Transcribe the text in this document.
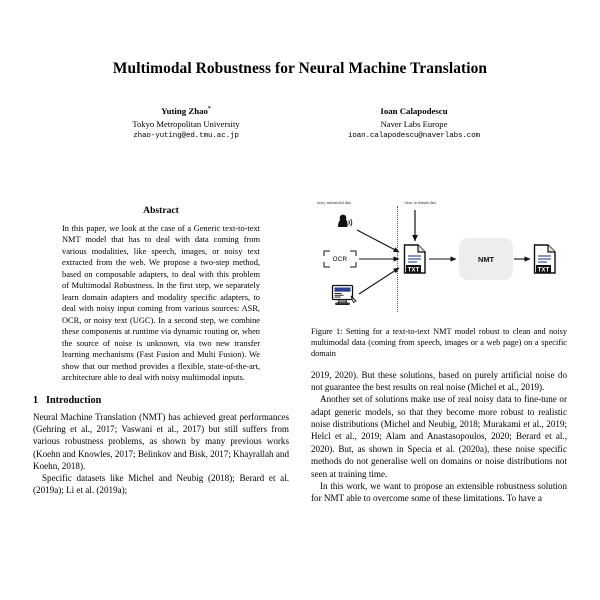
Multimodal Robustness for Neural Machine Translation
Yuting Zhao*
Tokyo Metropolitan University
zhao-yuting@ed.tmu.ac.jp
Ioan Calapodescu
Naver Labs Europe
ioan.calapodescu@naverlabs.com
Abstract
In this paper, we look at the case of a Generic text-to-text NMT model that has to deal with data coming from various modalities, like speech, images, or noisy text extracted from the web. We propose a two-step method, based on composable adapters, to deal with this problem of Multimodal Robustness. In the first step, we separately learn domain adapters and modality specific adapters, to deal with noisy input coming from various sources: ASR, OCR, or noisy text (UGC). In a second step, we combine these components at runtime via dynamic routing or, when the source of noise is unknown, via two new transfer learning mechanisms (Fast Fusion and Multi Fusion). We show that our method provides a flexible, state-of-the-art, architecture able to deal with noisy multimodal inputs.
1 Introduction

Neural Machine Translation (NMT) has achieved great performances (Gehring et al., 2017; Vaswani et al., 2017) but still suffers from various robustness problems, as shown by many previous works (Koehn and Knowles, 2017; Belinkov and Bisk, 2017; Khayrallah and Koehn, 2018).

Specific datasets like Michel and Neubig (2018); Berard et al. (2019a); Li et al. (2019a);

noisy, multimodal data	clean, in-domain data
OCR
TXT
NMT
TXT
Figure 1: Setting for a text-to-text NMT model robust to clean and noisy multimodal data (coming from speech, images or a web page) on a specific domain

2019, 2020). But these solutions, based on purely artificial noise do not guarantee the best results on real noise (Michel et al., 2019).

Another set of solutions make use of real noisy data to fine-tune or adapt generic models, so that they become more robust to realistic noise distributions (Michel and Neubig, 2018; Murakami et al., 2019; Helcl et al., 2019; Alam and Anastasopoulos, 2020; Berard et al., 2020). But, as shown in Specia et al. (2020a), these noise specific methods do not generalise well on domains or noise distributions not seen at training time.

In this work, we want to propose an extensible robustness solution for NMT able to overcome some of these limitations. To have a
